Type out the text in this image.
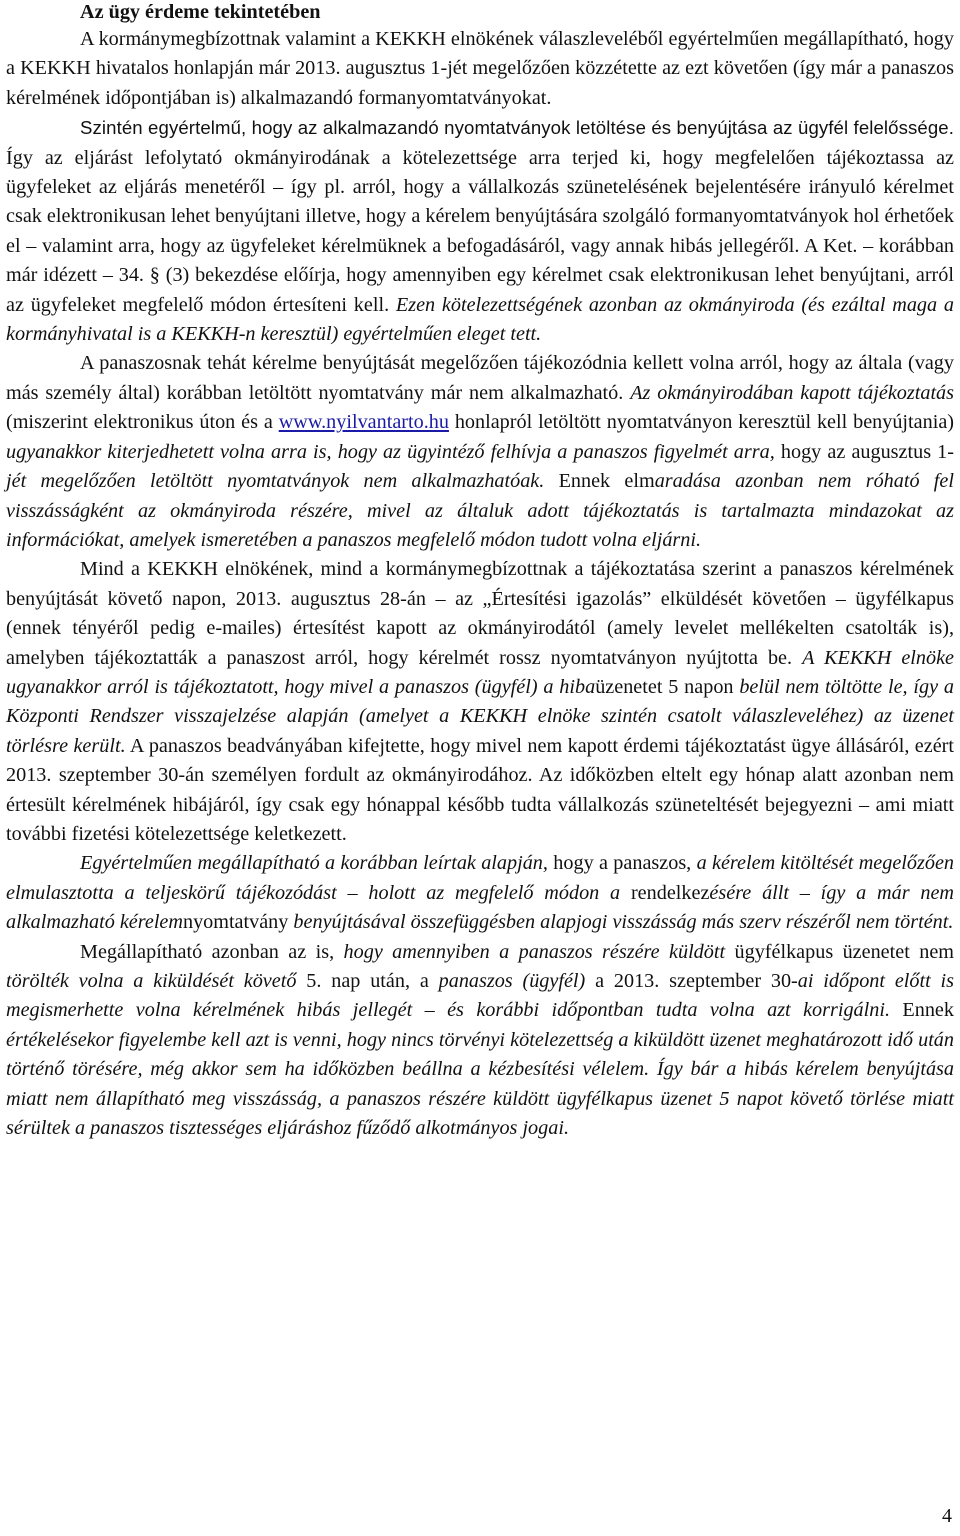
Az ügy érdeme tekintetében

A kormánymegbízottnak valamint a KEKKH elnökének válaszleveléből egyértelműen megállapítható, hogy a KEKKH hivatalos honlapján már 2013. augusztus 1-jét megelőzően közzétette az ezt követően (így már a panaszos kérelmének időpontjában is) alkalmazandó formanyomtatványokat.

Szintén egyértelmű, hogy az alkalmazandó nyomtatványok letöltése és benyújtása az ügyfél felelőssége. Így az eljárást lefolytató okmányirodának a kötelezettsége arra terjed ki, hogy megfelelően tájékoztassa az ügyfeleket az eljárás menetéről – így pl. arról, hogy a vállalkozás szünetelésének bejelentésére irányuló kérelmet csak elektronikusan lehet benyújtani illetve, hogy a kérelem benyújtására szolgáló formanyomtatványok hol érhetőek el – valamint arra, hogy az ügyfeleket kérelmüknek a befogadásáról, vagy annak hibás jellegéről. A Ket. – korábban már idézett – 34. § (3) bekezdése előírja, hogy amennyiben egy kérelmet csak elektronikusan lehet benyújtani, arról az ügyfeleket megfelelő módon értesíteni kell. Ezen kötelezettségének azonban az okmányiroda (és ezáltal maga a kormányhivatal is a KEKKH-n keresztül) egyértelműen eleget tett.

A panaszosnak tehát kérelme benyújtását megelőzően tájékozódnia kellett volna arról, hogy az általa (vagy más személy által) korábban letöltött nyomtatvány már nem alkalmazható. Az okmányirodában kapott tájékoztatás (miszerint elektronikus úton és a www.nyilvantarto.hu honlapról letöltött nyomtatványon keresztül kell benyújtania) ugyanakkor kiterjedhetett volna arra is, hogy az ügyintéző felhívja a panaszos figyelmét arra, hogy az augusztus 1-jét megelőzően letöltött nyomtatványok nem alkalmazhatóak. Ennek elmaradása azonban nem róható fel visszásságként az okmányiroda részére, mivel az általuk adott tájékoztatás is tartalmazta mindazokat az információkat, amelyek ismeretében a panaszos megfelelő módon tudott volna eljárni.

Mind a KEKKH elnökének, mind a kormánymegbízottnak a tájékoztatása szerint a panaszos kérelmének benyújtását követő napon, 2013. augusztus 28-án – az „Értesítési igazolás” elküldését követően – ügyfélkapus (ennek tényéről pedig e-mailes) értesítést kapott az okmányirodától (amely levelet mellékelten csatolták is), amelyben tájékoztatták a panaszost arról, hogy kérelmét rossz nyomtatványon nyújtotta be. A KEKKH elnöke ugyanakkor arról is tájékoztatott, hogy mivel a panaszos (ügyfél) a hibaüzenetet 5 napon belül nem töltötte le, így a Központi Rendszer visszajelzése alapján (amelyet a KEKKH elnöke szintén csatolt válaszleveléhez) az üzenet törlésre került. A panaszos beadványában kifejtette, hogy mivel nem kapott érdemi tájékoztatást ügye állásáról, ezért 2013. szeptember 30-án személyen fordult az okmányirodához. Az időközben eltelt egy hónap alatt azonban nem értesült kérelmének hibájáról, így csak egy hónappal később tudta vállalkozás szüneteltését bejegyezni – ami miatt további fizetési kötelezettsége keletkezett.

Egyértelműen megállapítható a korábban leírtak alapján, hogy a panaszos, a kérelem kitöltését megelőzően elmulasztotta a teljeskörű tájékozódást – holott az megfelelő módon a rendelkezésére állt – így a már nem alkalmazható kérelemnyomtatvány benyújtásával összefüggésben alapjogi visszásság más szerv részéről nem történt.

Megállapítható azonban az is, hogy amennyiben a panaszos részére küldött ügyfélkapus üzenetet nem törölték volna a kiküldését követő 5. nap után, a panaszos (ügyfél) a 2013. szeptember 30-ai időpont előtt is megismerhette volna kérelmének hibás jellegét – és korábbi időpontban tudta volna azt korrigálni. Ennek értékelésekor figyelembe kell azt is venni, hogy nincs törvényi kötelezettség a kiküldött üzenet meghatározott idő után történő törésére, még akkor sem ha időközben beállna a kézbesítési vélelem. Így bár a hibás kérelem benyújtása miatt nem állapítható meg visszásság, a panaszos részére küldött ügyfélkapus üzenet 5 napot követő törlése miatt sérültek a panaszos tisztességes eljáráshoz fűződő alkotmányos jogai.

4
